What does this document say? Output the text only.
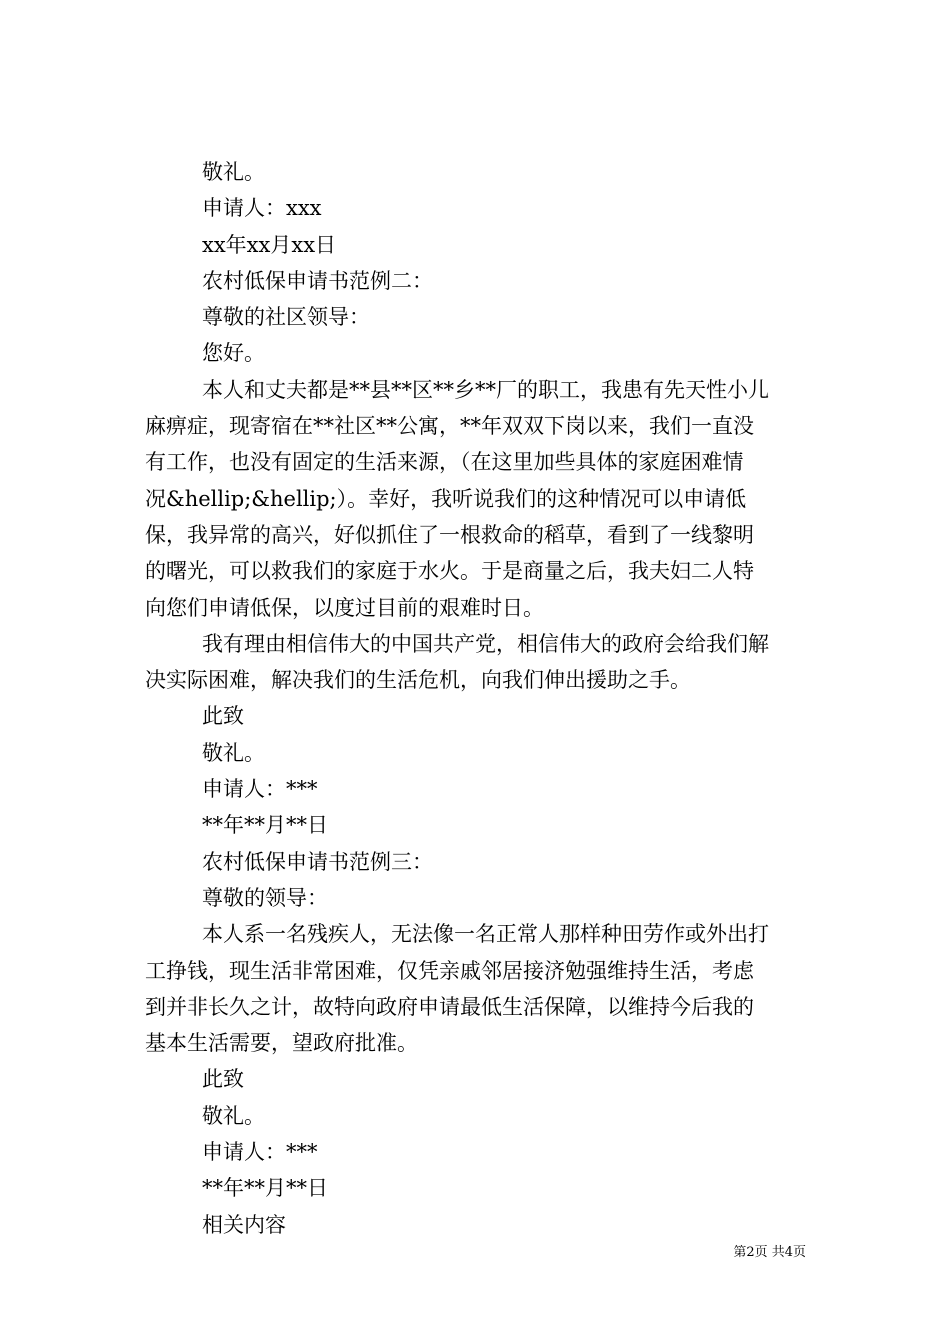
敬礼。
申请人：xxx
xx年xx月xx日
农村低保申请书范例二：
尊敬的社区领导：
您好。
本人和丈夫都是**县**区**乡**厂的职工，我患有先天性小儿
麻痹症，现寄宿在**社区**公寓，**年双双下岗以来，我们一直没
有工作，也没有固定的生活来源，（在这里加些具体的家庭困难情
况&hellip;&hellip;）。幸好，我听说我们的这种情况可以申请低
保，我异常的高兴，好似抓住了一根救命的稻草，看到了一线黎明
的曙光，可以救我们的家庭于水火。于是商量之后，我夫妇二人特
向您们申请低保，以度过目前的艰难时日。
我有理由相信伟大的中国共产党，相信伟大的政府会给我们解
决实际困难，解决我们的生活危机，向我们伸出援助之手。
此致
敬礼。
申请人：***
**年**月**日
农村低保申请书范例三：
尊敬的领导：
本人系一名残疾人，无法像一名正常人那样种田劳作或外出打
工挣钱，现生活非常困难，仅凭亲戚邻居接济勉强维持生活，考虑
到并非长久之计，故特向政府申请最低生活保障，以维持今后我的
基本生活需要，望政府批准。
此致
敬礼。
申请人：***
**年**月**日
相关内容
第2页 共4页
